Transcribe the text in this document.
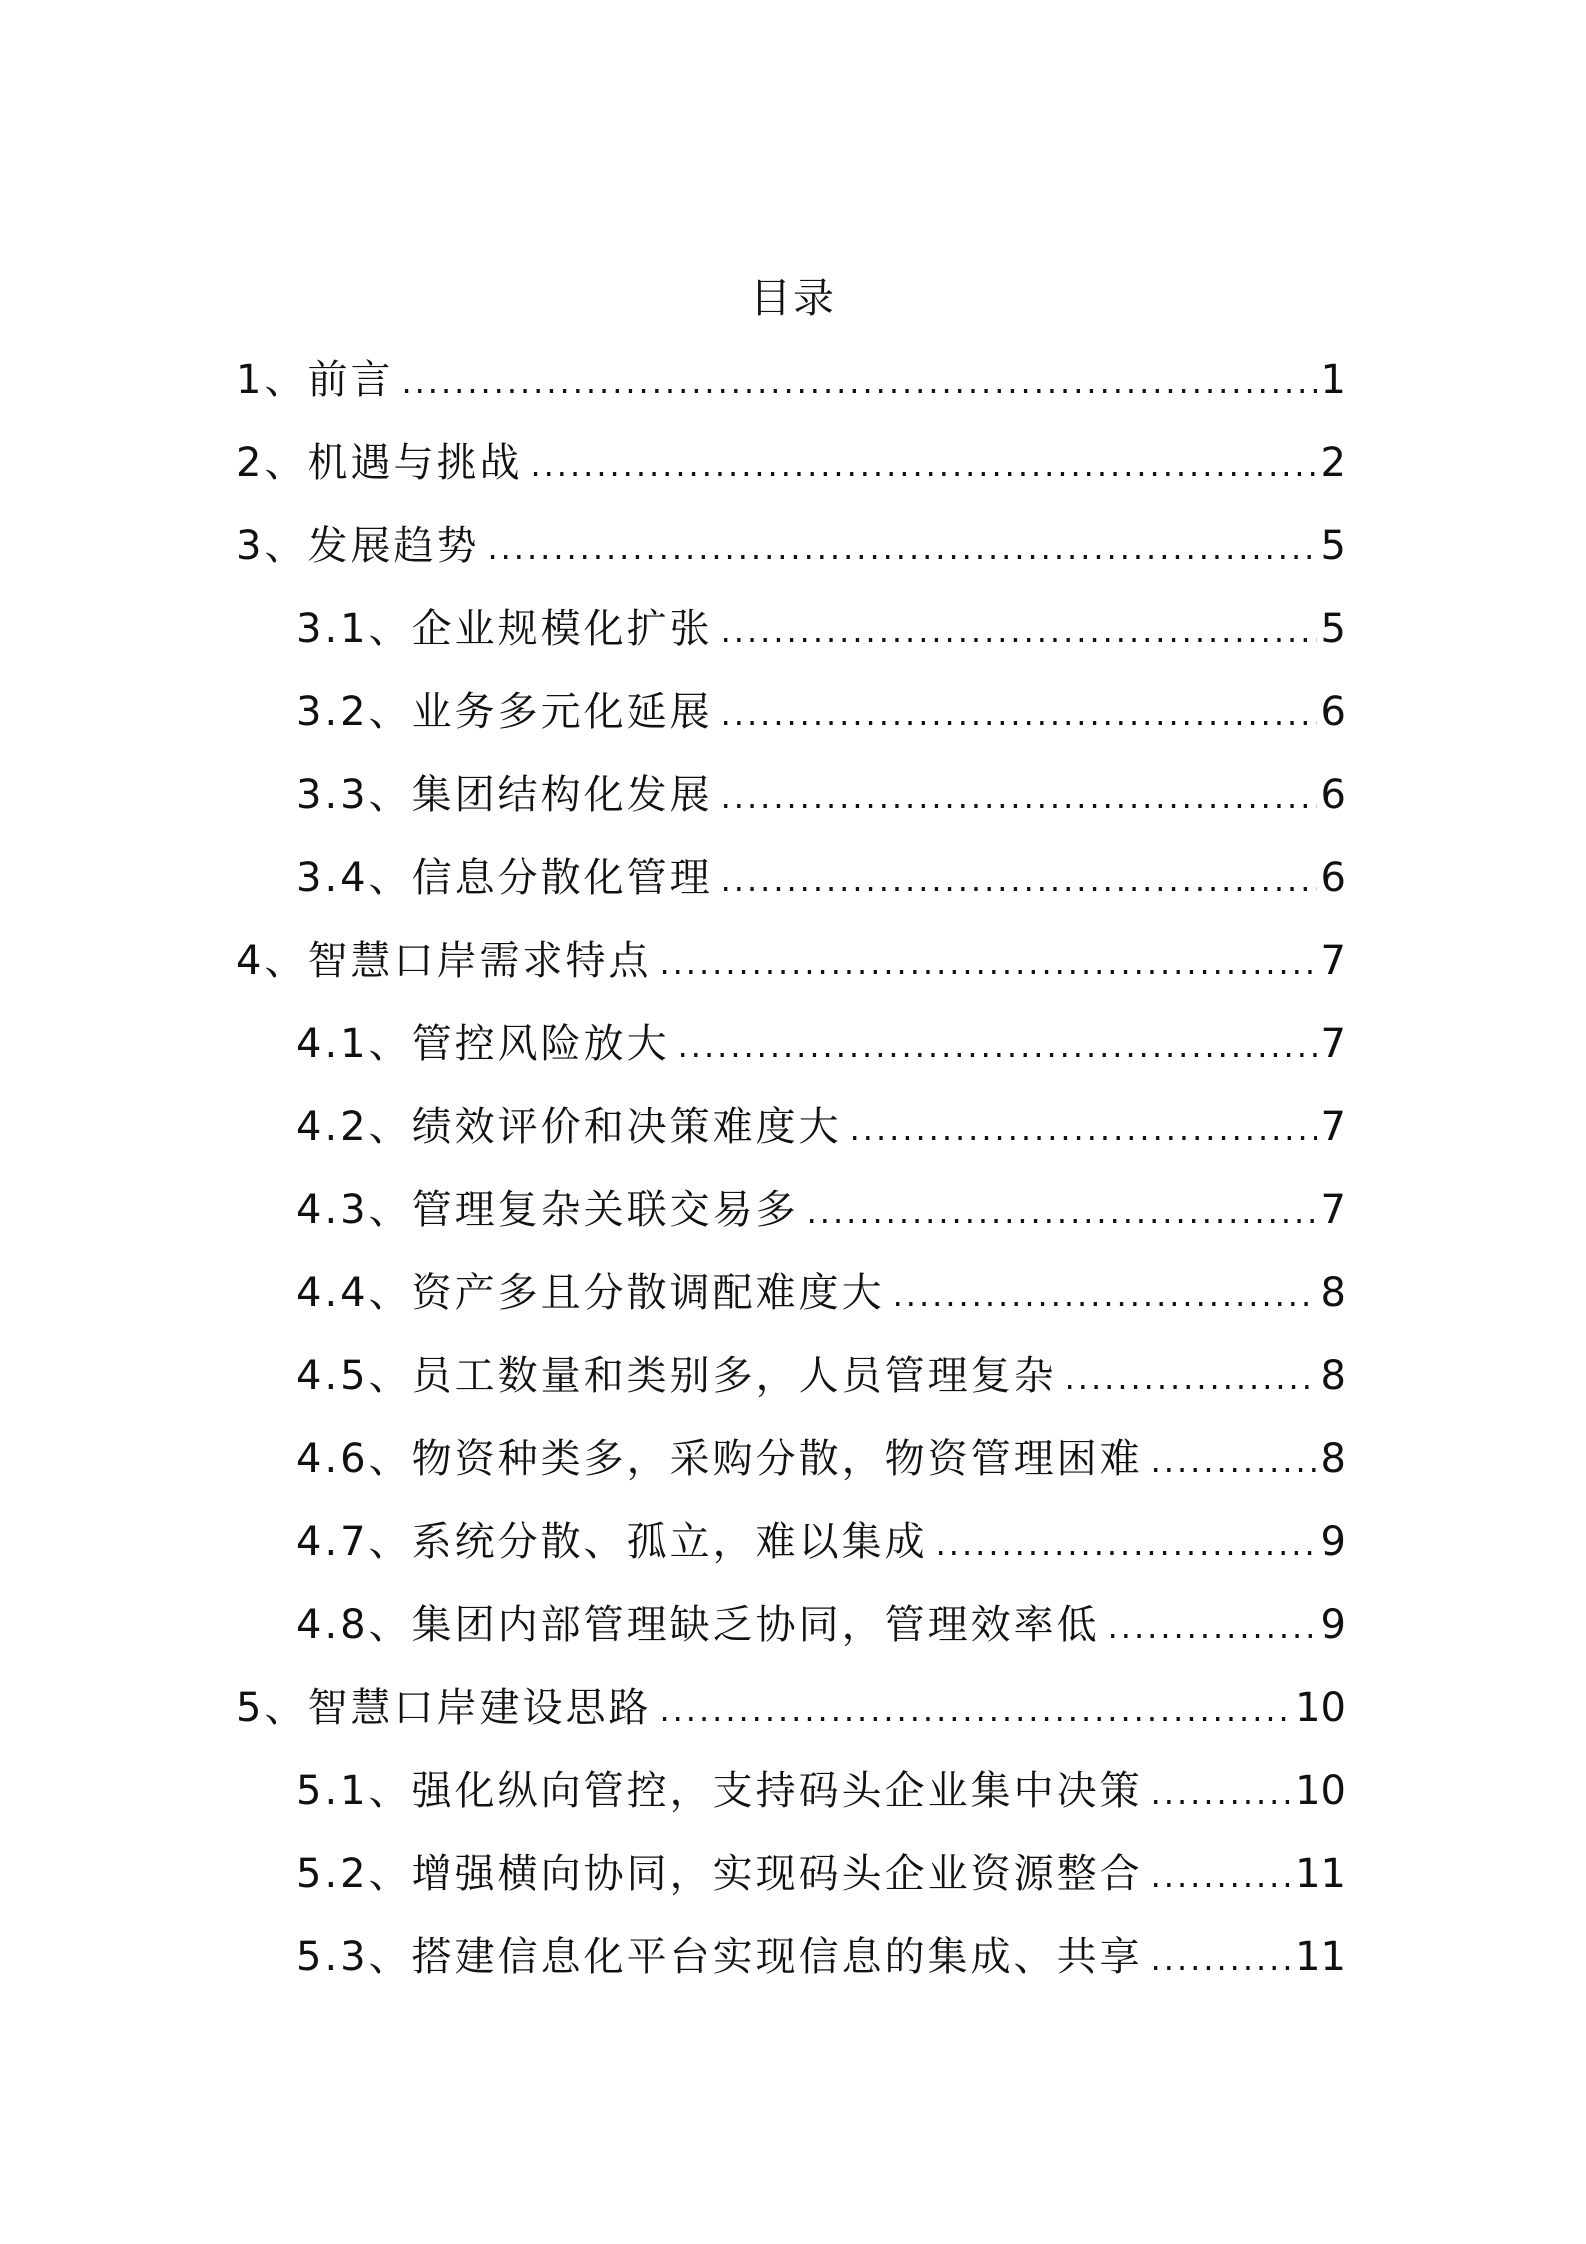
目录
1、前言 .....	1
2、机遇与挑战 .....	2
3、发展趋势 .....	5
3.1、企业规模化扩张 .....	5
3.2、业务多元化延展 .....	6
3.3、集团结构化发展 .....	6
3.4、信息分散化管理 .....	6
4、智慧口岸需求特点 .....	7
4.1、管控风险放大 .....	7
4.2、绩效评价和决策难度大 .....	7
4.3、管理复杂关联交易多 .....	7
4.4、资产多且分散调配难度大 .....	8
4.5、员工数量和类别多，人员管理复杂 .....	8
4.6、物资种类多，采购分散，物资管理困难 .....	8
4.7、系统分散、孤立，难以集成 .....	9
4.8、集团内部管理缺乏协同，管理效率低 .....	9
5、智慧口岸建设思路 .....	10
5.1、强化纵向管控，支持码头企业集中决策 .....	10
5.2、增强横向协同，实现码头企业资源整合 .....	11
5.3、搭建信息化平台实现信息的集成、共享 .....	11
